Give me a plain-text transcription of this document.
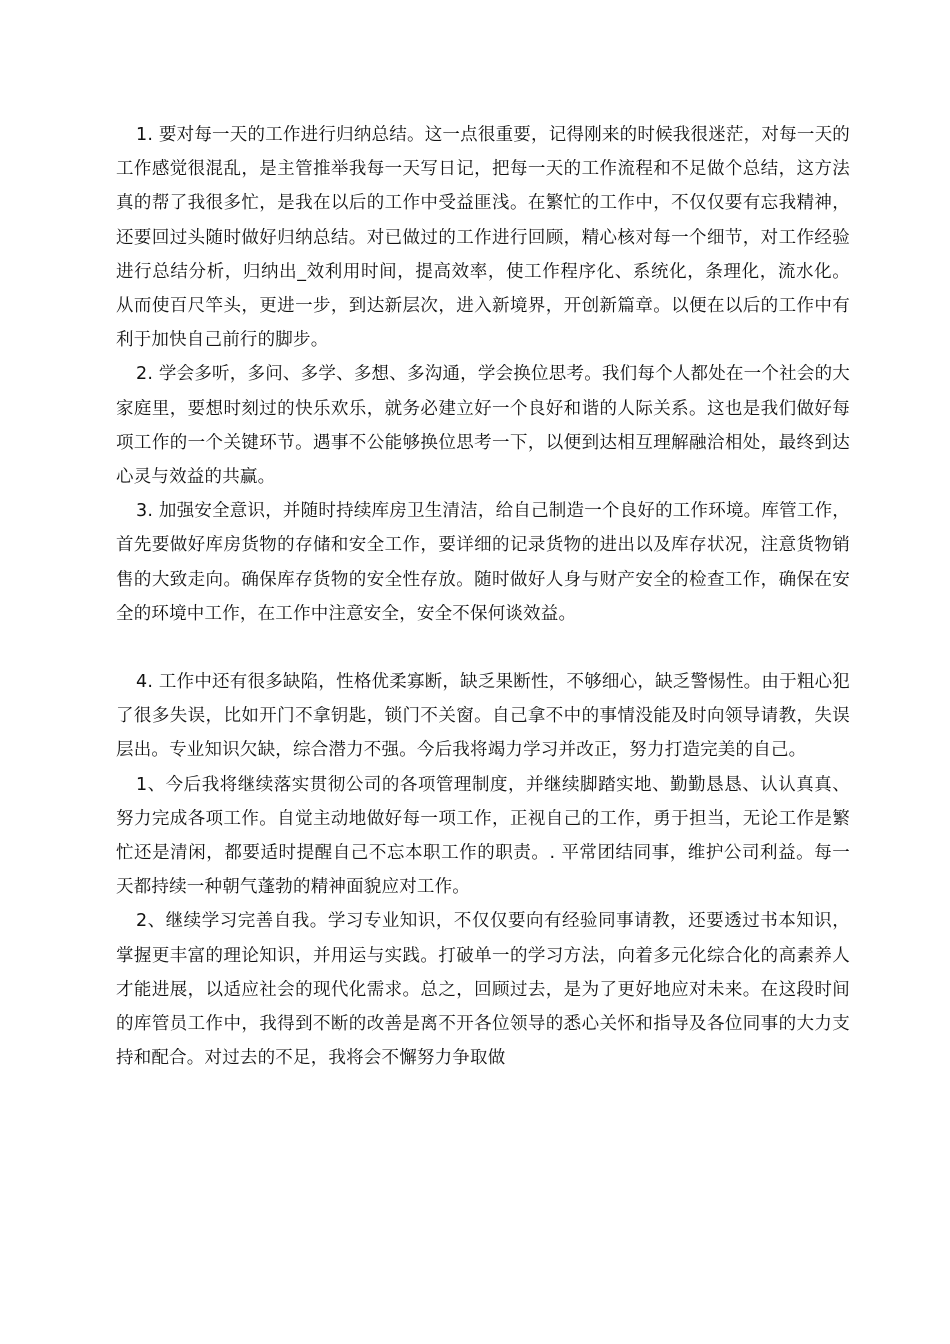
1. 要对每一天的工作进行归纳总结。这一点很重要，记得刚来的时候我很迷茫，对每一天的工作感觉很混乱，是主管推举我每一天写日记，把每一天的工作流程和不足做个总结，这方法真的帮了我很多忙，是我在以后的工作中受益匪浅。在繁忙的工作中，不仅仅要有忘我精神，还要回过头随时做好归纳总结。对已做过的工作进行回顾，精心核对每一个细节，对工作经验进行总结分析，归纳出_效利用时间，提高效率，使工作程序化、系统化，条理化，流水化。从而使百尺竿头，更进一步，到达新层次，进入新境界，开创新篇章。以便在以后的工作中有利于加快自己前行的脚步。

2. 学会多听，多问、多学、多想、多沟通，学会换位思考。我们每个人都处在一个社会的大家庭里，要想时刻过的快乐欢乐，就务必建立好一个良好和谐的人际关系。这也是我们做好每项工作的一个关键环节。遇事不公能够换位思考一下，以便到达相互理解融洽相处，最终到达心灵与效益的共赢。

3. 加强安全意识，并随时持续库房卫生清洁，给自己制造一个良好的工作环境。库管工作，首先要做好库房货物的存储和安全工作，要详细的记录货物的进出以及库存状况，注意货物销售的大致走向。确保库存货物的安全性存放。随时做好人身与财产安全的检查工作，确保在安全的环境中工作，在工作中注意安全，安全不保何谈效益。

4. 工作中还有很多缺陷，性格优柔寡断，缺乏果断性，不够细心，缺乏警惕性。由于粗心犯了很多失误，比如开门不拿钥匙，锁门不关窗。自己拿不中的事情没能及时向领导请教，失误层出。专业知识欠缺，综合潜力不强。今后我将竭力学习并改正，努力打造完美的自己。

1、今后我将继续落实贯彻公司的各项管理制度，并继续脚踏实地、勤勤恳恳、认认真真、努力完成各项工作。自觉主动地做好每一项工作，正视自己的工作，勇于担当，无论工作是繁忙还是清闲，都要适时提醒自己不忘本职工作的职责。. 平常团结同事，维护公司利益。每一天都持续一种朝气蓬勃的精神面貌应对工作。

2、继续学习完善自我。学习专业知识，不仅仅要向有经验同事请教，还要透过书本知识，掌握更丰富的理论知识，并用运与实践。打破单一的学习方法，向着多元化综合化的高素养人才能进展，以适应社会的现代化需求。总之，回顾过去，是为了更好地应对未来。在这段时间的库管员工作中，我得到不断的改善是离不开各位领导的悉心关怀和指导及各位同事的大力支持和配合。对过去的不足，我将会不懈努力争取做
